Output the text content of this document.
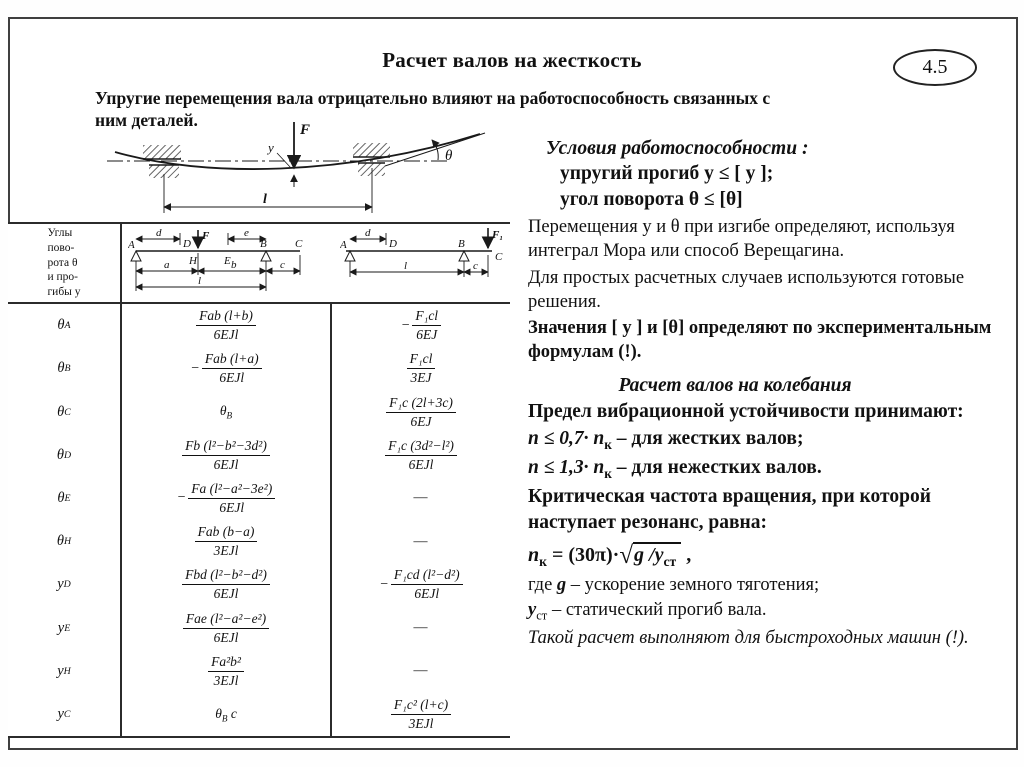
Расчет валов на жесткость	4.5
Упругие перемещения вала отрицательно влияют на работоспособность связанных с
ним деталей.
θ
F
y
l
Углы
пово-
рота θ
и про-
гибы y
F
d
D
e
A	B	C
H E
a	b	c
l
F₁
d
D
A	B
C
l	c
θ A	$\frac{\text{Fab (l+b)}}{\text{6EJl}}$	− $\frac{\text{F₁cl}}{6EJ}$
θ B	− $\frac{\text{Fab (l+a)}}{\text{6EJl}}$	$\frac{\text{F₁cl}}{3EJ}$
θ C	$\theta_B$	$\frac{\text{F₁c (2l+3c)}}{6EJ}$
θ D	$\frac{\text{Fb (l²−b²−3d²)}}{\text{6EJl}}$	$\frac{\text{F₁c (3d²−l²)}}{\text{6EJl}}$
θ E	− $\frac{\text{Fa (l²−a²−3e²)}}{\text{6EJl}}$	—
θ H	$\frac{\text{Fab (b−a)}}{\text{3EJl}}$	—
y D	$\frac{\text{Fbd (l²−b²−d²)}}{\text{6EJl}}$	− $\frac{\text{F₁cd (l²−d²)}}{\text{6EJl}}$
y E	$\frac{\text{Fae (l²−a²−e²)}}{\text{6EJl}}$	—
y H	$\frac{\text{Fa²b²}}{\text{3EJl}}$	—
y C	$\theta_B$ c	$\frac{\text{F₁c² (l+c)}}{\text{3EJl}}$
Условия работоспособности :
упругий прогиб y ≤ [ y ];
угол поворота θ ≤ [θ]
Перемещения y и θ при изгибе определяют, используя интеграл Мора или способ Верещагина.
Для простых расчетных случаев используются готовые решения.
Значения [ y ] и [θ] определяют по экспериментальным формулам (!).
Расчет валов на колебания
Предел вибрационной устойчивости принимают:
$n \le 0,7\cdot n_к$ – для жестких валов;
$n \le 1,3\cdot n_к$ – для нежестких валов.
Критическая частота вращения, при которой наступает резонанс, равна:
$n_к = (30\pi)\cdot√g$ $/y_{ст}$ ,
где g – ускорение земного тяготения;
$y_{ст}$ – статический прогиб вала.
Такой расчет выполняют для быстроходных машин (!).
